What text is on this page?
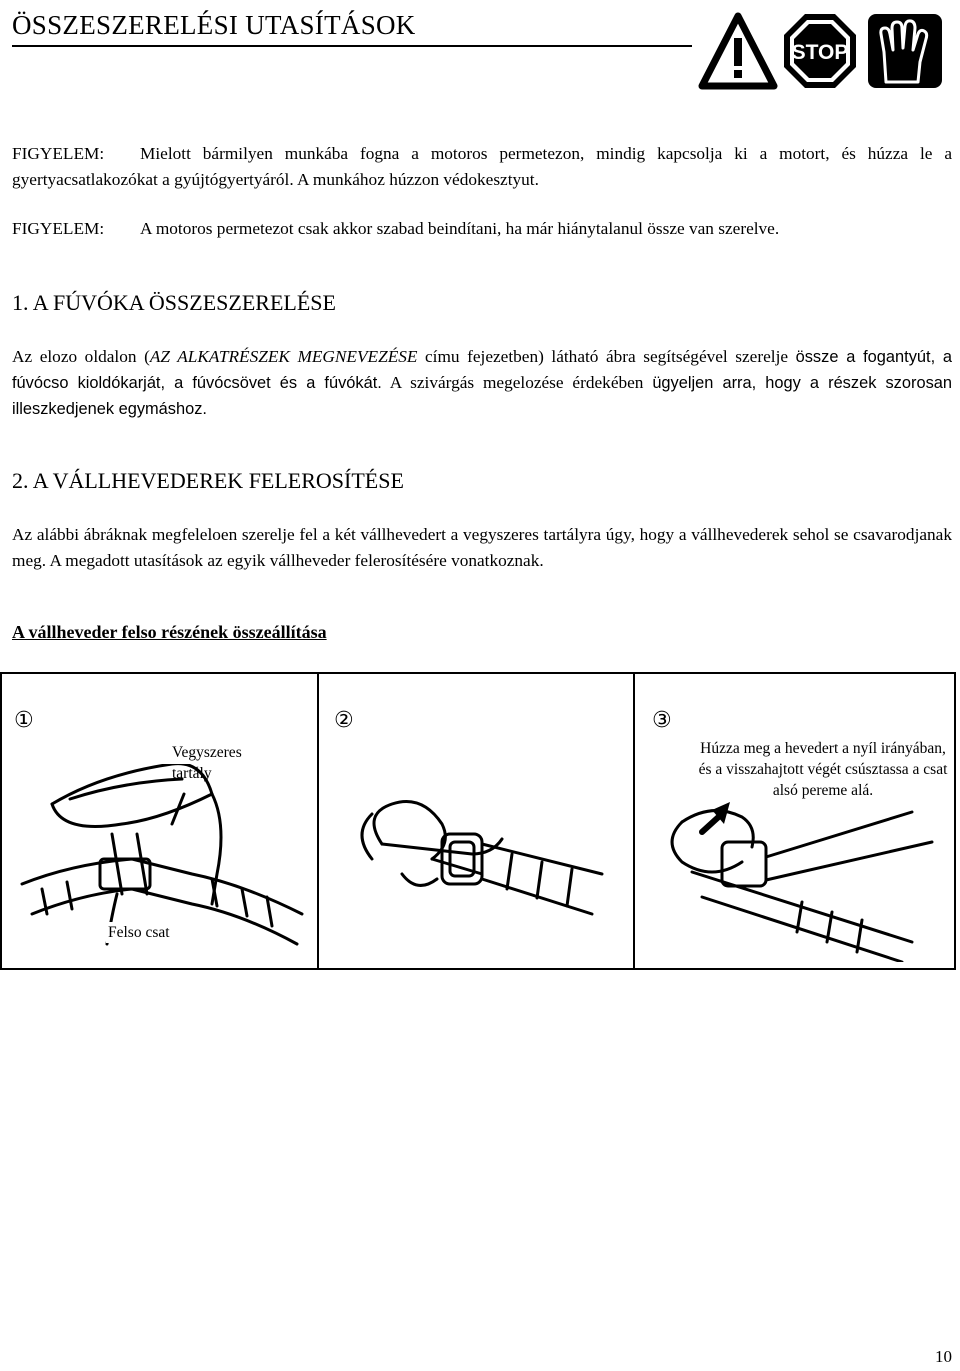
ÖSSZESZERELÉSI UTASÍTÁSOK
STOP
FIGYELEM: Mielott bármilyen munkába fogna a motoros permetezon, mindig kapcsolja ki a motort, és húzza le a gyertyacsatlakozókat a gyújtógyertyáról. A munkához húzzon védokesztyut.
FIGYELEM: A motoros permetezot csak akkor szabad beindítani, ha már hiánytalanul össze van szerelve.
1. A FÚVÓKA ÖSSZESZERELÉSE
Az elozo oldalon (AZ ALKATRÉSZEK MEGNEVEZÉSE címu fejezetben) látható ábra segítségével szerelje össze a fogantyút, a fúvócso kioldókarját, a fúvócsövet és a fúvókát. A szivárgás megelozése érdekében ügyeljen arra, hogy a részek szorosan illeszkedjenek egymáshoz.
2. A VÁLLHEVEDEREK FELEROSÍTÉSE
Az alábbi ábráknak megfeleloen szerelje fel a két vállhevedert a vegyszeres tartályra úgy, hogy a vállhevederek sehol se csavarodjanak meg. A megadott utasítások az egyik vállheveder felerosítésére vonatkoznak.
A vállheveder felso részének összeállítása
①
Vegyszeres
tartály
Felso csat
②	③
Húzza meg a hevedert a nyíl irányában, és a visszahajtott végét csúsztassa a csat alsó pereme alá.
10
